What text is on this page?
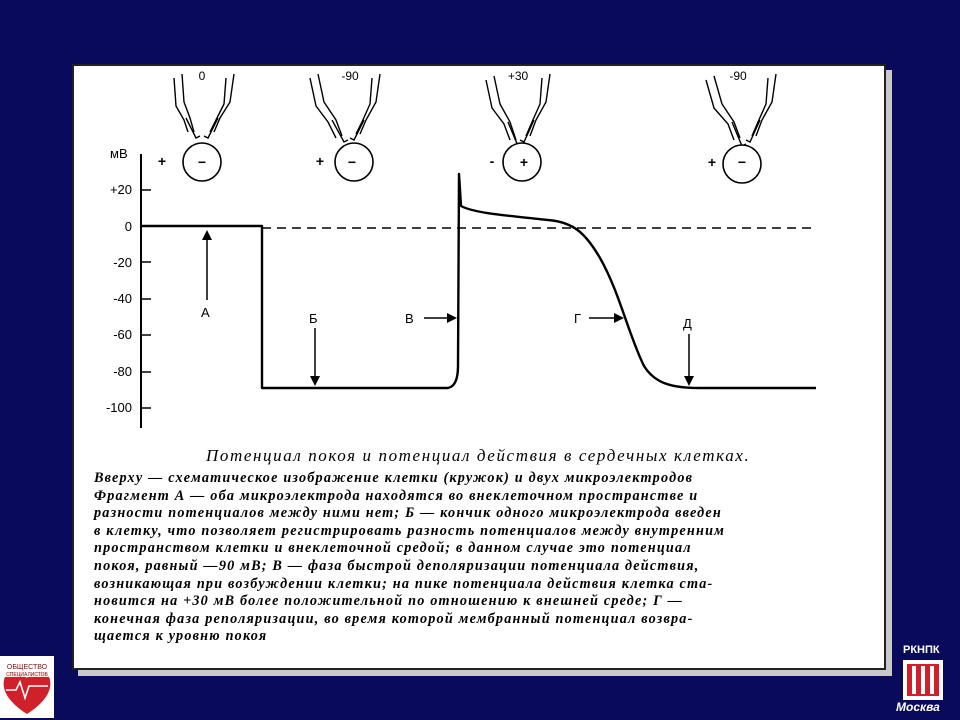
мВ
+20
0
-20
-40
-60
-80
-100
А	Б	В	Г	Д
0
+ −
-90
+ −
+30
- +
-90
+ −
Потенциал покоя и потенциал действия в сердечных клетках.
Вверху — схематическое изображение клетки (кружок) и двух микроэлектродов
Фрагмент А — оба микроэлектрода находятся во внеклеточном пространстве и
разности потенциалов между ними нет; Б — кончик одного микроэлектрода введен
в клетку, что позволяет регистрировать разность потенциалов между внутренним
пространством клетки и внеклеточной средой; в данном случае это потенциал
покоя, равный —90 мВ; В — фаза быстрой деполяризации потенциала действия,
возникающая при возбуждении клетки; на пике потенциала действия клетка ста-
новится на +30 мВ более положительной по отношению к внешней среде; Г —
конечная фаза реполяризации, во время которой мембранный потенциал возвра-
щается к уровню покоя
ОБЩЕСТВО
СПЕЦИАЛИСТОВ
РКНПК
Москва
